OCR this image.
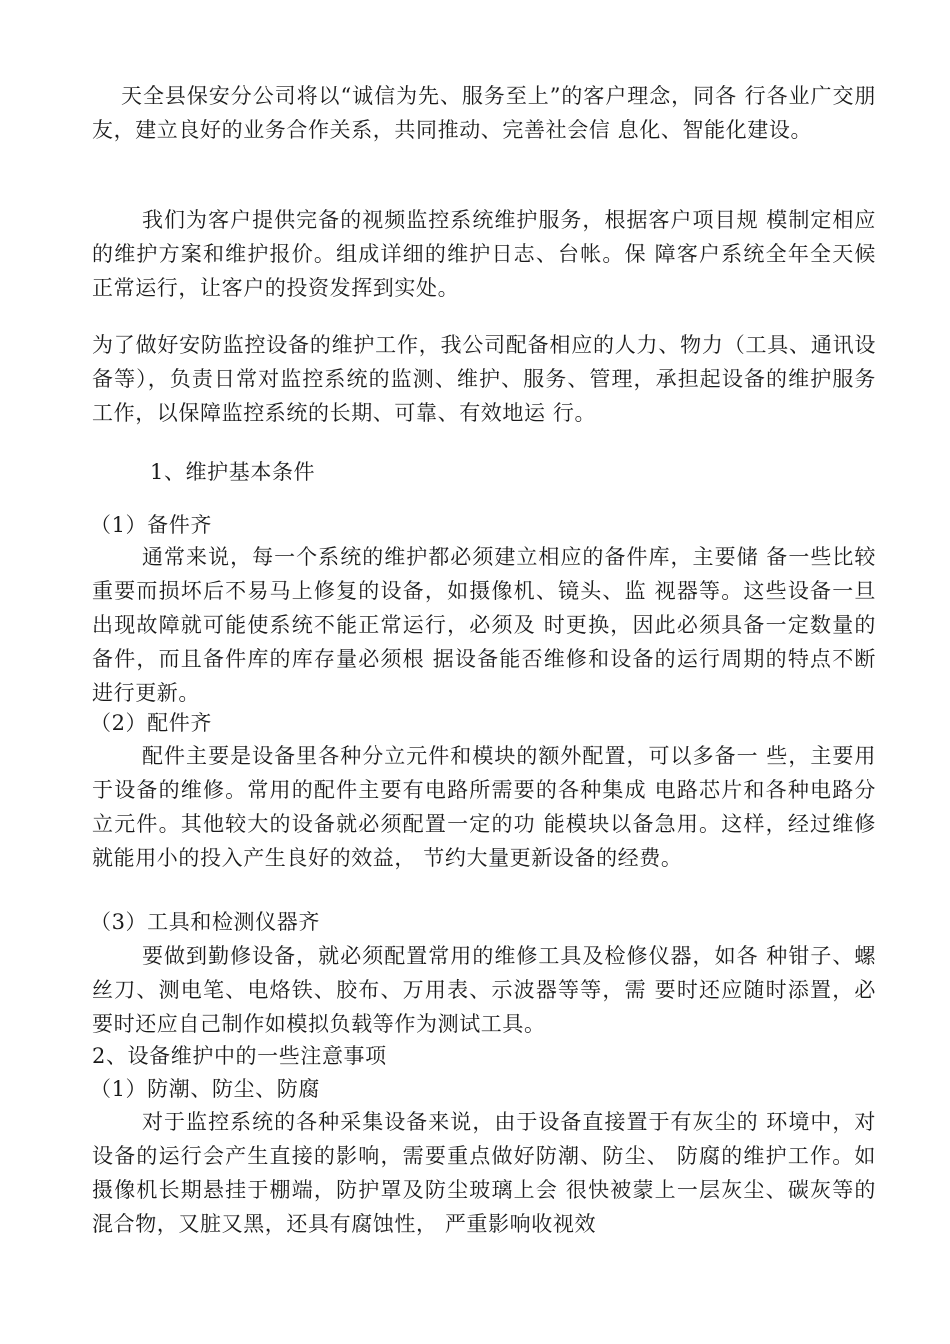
天全县保安分公司将以“诚信为先、服务至上”的客户理念，同各 行各业广交朋友，建立良好的业务合作关系，共同推动、完善社会信 息化、智能化建设。

我们为客户提供完备的视频监控系统维护服务，根据客户项目规 模制定相应的维护方案和维护报价。组成详细的维护日志、台帐。保 障客户系统全年全天候正常运行，让客户的投资发挥到实处。

为了做好安防监控设备的维护工作，我公司配备相应的人力、物力（工具、通讯设备等），负责日常对监控系统的监测、维护、服务、管理，承担起设备的维护服务工作，以保障监控系统的长期、可靠、有效地运 行。

1、维护基本条件

（1）备件齐

通常来说，每一个系统的维护都必须建立相应的备件库，主要储 备一些比较重要而损坏后不易马上修复的设备，如摄像机、镜头、监 视器等。这些设备一旦出现故障就可能使系统不能正常运行，必须及 时更换，因此必须具备一定数量的备件，而且备件库的库存量必须根 据设备能否维修和设备的运行周期的特点不断进行更新。

（2）配件齐

配件主要是设备里各种分立元件和模块的额外配置，可以多备一 些，主要用于设备的维修。常用的配件主要有电路所需要的各种集成 电路芯片和各种电路分立元件。其他较大的设备就必须配置一定的功 能模块以备急用。这样，经过维修就能用小的投入产生良好的效益， 节约大量更新设备的经费。

（3）工具和检测仪器齐

要做到勤修设备，就必须配置常用的维修工具及检修仪器，如各 种钳子、螺丝刀、测电笔、电烙铁、胶布、万用表、示波器等等，需 要时还应随时添置，必要时还应自己制作如模拟负载等作为测试工具。

2、设备维护中的一些注意事项

（1）防潮、防尘、防腐

对于监控系统的各种采集设备来说，由于设备直接置于有灰尘的 环境中，对设备的运行会产生直接的影响，需要重点做好防潮、防尘、 防腐的维护工作。如摄像机长期悬挂于棚端，防护罩及防尘玻璃上会 很快被蒙上一层灰尘、碳灰等的混合物，又脏又黑，还具有腐蚀性， 严重影响收视效
